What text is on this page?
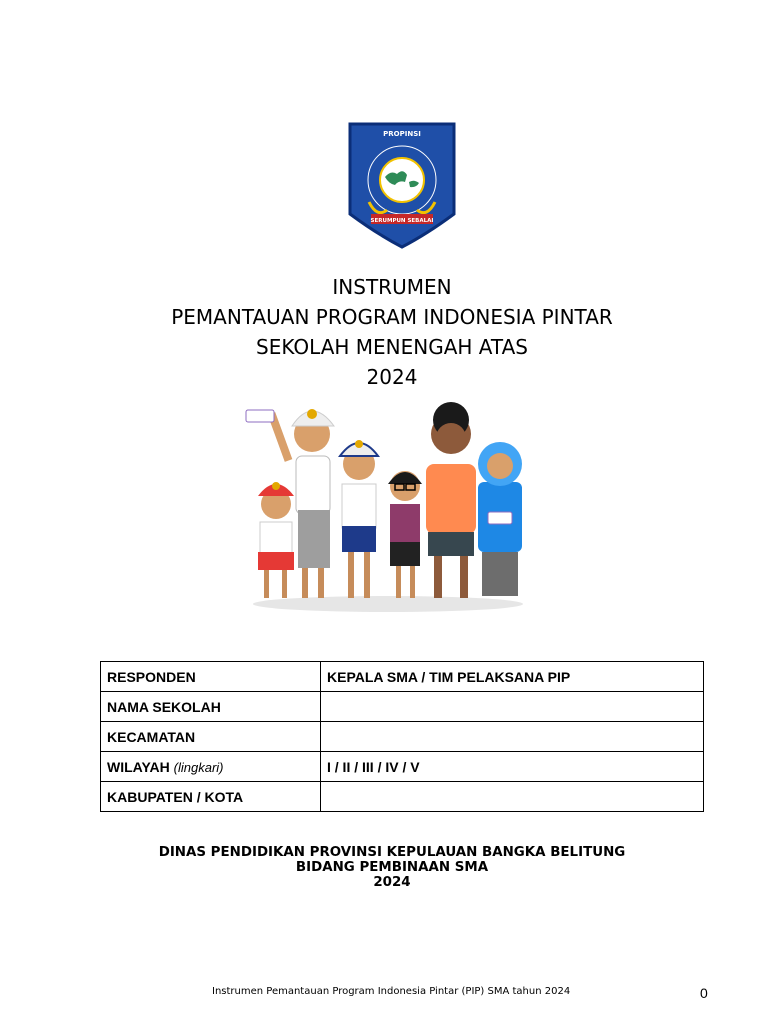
PROPINSI
SERUMPUN SEBALAI
INSTRUMEN
PEMANTAUAN PROGRAM INDONESIA PINTAR
SEKOLAH MENENGAH ATAS
2024
RESPONDEN	KEPALA SMA / TIM PELAKSANA PIP
NAMA SEKOLAH	
KECAMATAN	
WILAYAH (lingkari)	I / II / III / IV / V
KABUPATEN / KOTA	
DINAS PENDIDIKAN PROVINSI KEPULAUAN BANGKA BELITUNG
BIDANG PEMBINAAN SMA
2024
Instrumen Pemantauan Program Indonesia Pintar (PIP) SMA tahun 2024	0
